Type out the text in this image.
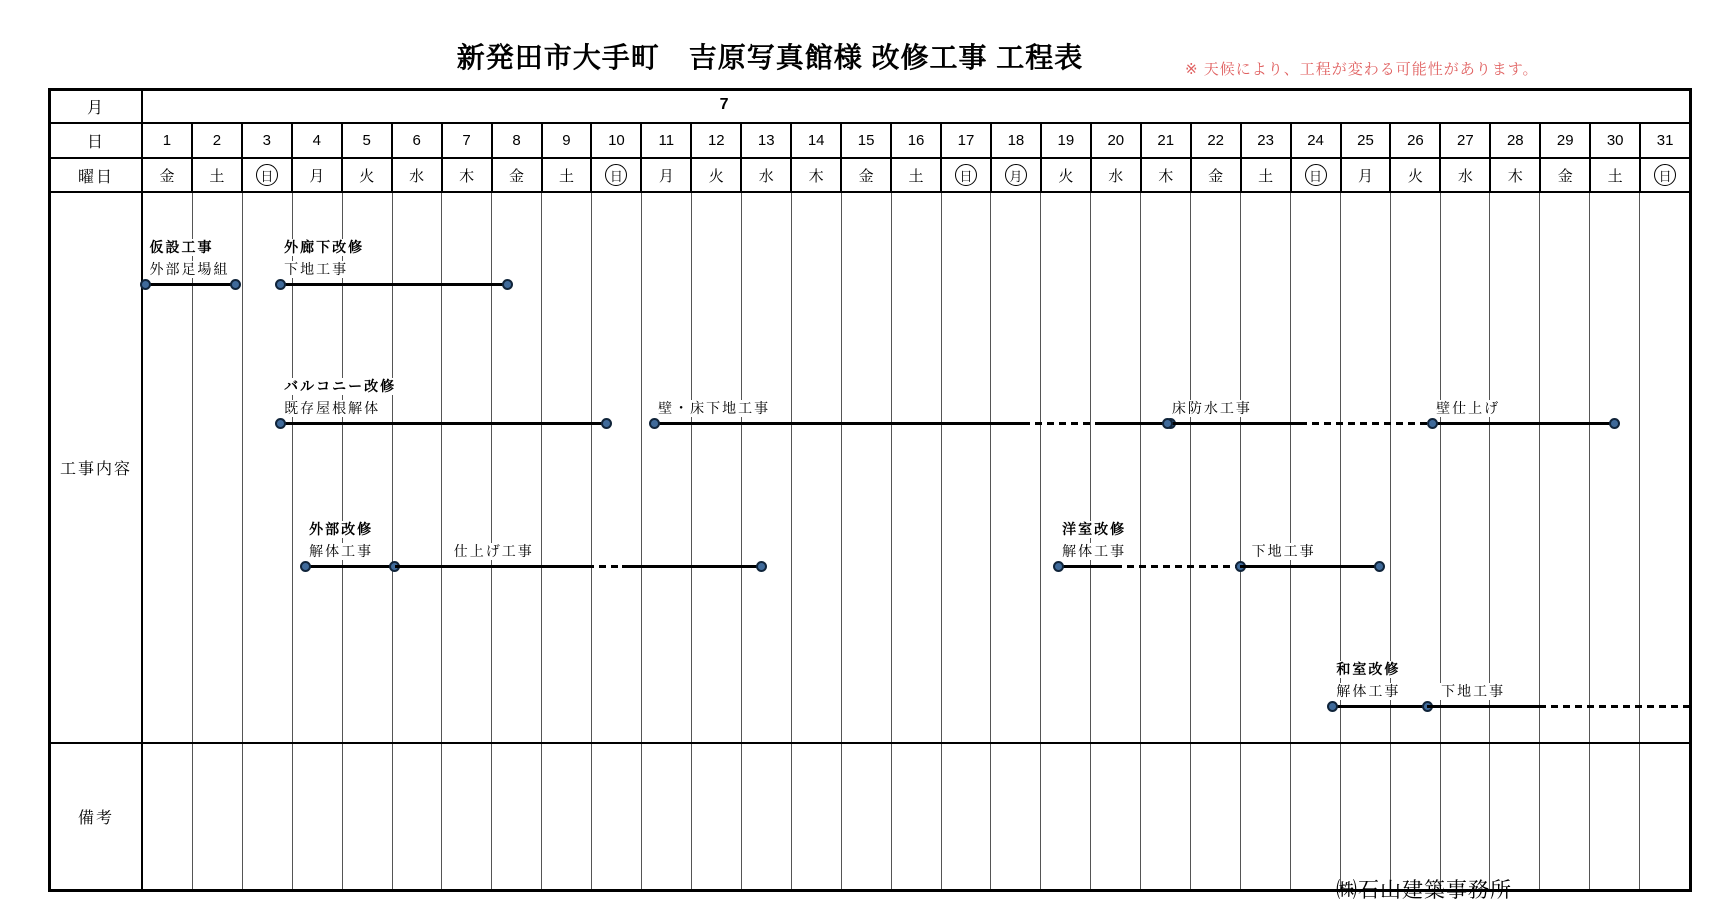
新発田市大手町　吉原写真館様 改修工事 工程表	※ 天候により、工程が変わる可能性があります。
月	7
日	1	2	3	4	5	6	7	8	9	10	11	12	13	14	15	16	17	18	19	20	21	22	23	24	25	26	27	28	29	30	31
曜日	金	土	日	月	火	水	木	金	土	日	月	火	水	木	金	土	日	月	火	水	木	金	土	日	月	火	水	木	金	土	日
工事内容
仮設工事
外部足場組
外廊下改修
下地工事
バルコニー改修
既存屋根解体	壁・床下地工事	床防水工事	壁仕上げ
外部改修
解体工事	仕上げ工事
洋室改修
解体工事	下地工事
和室改修
解体工事	下地工事
備考
㈱石山建築事務所
